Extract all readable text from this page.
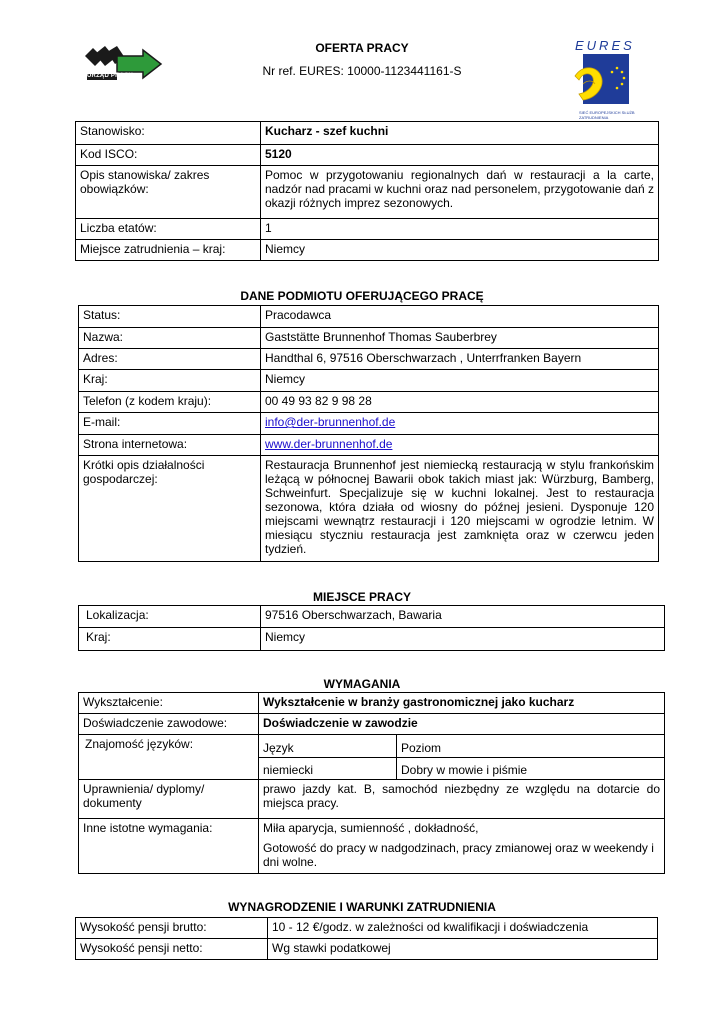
URZĄD PRACY
EURES
SIEĆ EUROPEJSKICH SŁUŻB ZATRUDNIENIA
OFERTA PRACY
Nr ref. EURES: 10000-1123441161-S
Stanowisko:	Kucharz - szef kuchni
Kod ISCO:	5120
Opis stanowiska/ zakres obowiązków:	Pomoc w przygotowaniu regionalnych dań w restauracji a la carte, nadzór nad pracami w kuchni oraz nad personelem, przygotowanie dań z okazji różnych imprez sezonowych.
Liczba etatów:	1
Miejsce zatrudnienia – kraj:	Niemcy
DANE PODMIOTU OFERUJĄCEGO PRACĘ
Status:	Pracodawca
Nazwa:	Gaststätte Brunnenhof Thomas Sauberbrey
Adres:	Handthal 6, 97516 Oberschwarzach , Unterrfranken Bayern
Kraj:	Niemcy
Telefon (z kodem kraju):	00 49 93 82 9 98 28
E-mail:	info@der-brunnenhof.de
Strona internetowa:	www.der-brunnenhof.de
Krótki opis działalności gospodarczej:	Restauracja Brunnenhof jest niemiecką restauracją w stylu frankońskim leżącą w północnej Bawarii obok takich miast jak: Würzburg, Bamberg, Schweinfurt. Specjalizuje się w kuchni lokalnej. Jest to restauracja sezonowa, która działa od wiosny do późnej jesieni. Dysponuje 120 miejscami wewnątrz restauracji i 120 miejscami w ogrodzie letnim. W miesiącu styczniu restauracja jest zamknięta oraz w czerwcu jeden tydzień.
MIEJSCE PRACY
Lokalizacja:	97516 Oberschwarzach, Bawaria
Kraj:	Niemcy
WYMAGANIA
Wykształcenie:	Wykształcenie w branży gastronomicznej jako kucharz	
Doświadczenie zawodowe:	Doświadczenie w zawodzie	
Znajomość języków:	Język	Poziom
	niemiecki	Dobry w mowie i piśmie
Uprawnienia/ dyplomy/ dokumenty	prawo jazdy kat. B, samochód niezbędny ze względu na dotarcie do miejsca pracy.	
Inne istotne wymagania:	Miła aparycja, sumienność , dokładność,
Gotowość do pracy w nadgodzinach, pracy zmianowej oraz w weekendy i dni wolne.	
WYNAGRODZENIE I WARUNKI ZATRUDNIENIA
Wysokość pensji brutto:	10 - 12 €/godz. w zależności od kwalifikacji i doświadczenia
Wysokość pensji netto:	Wg stawki podatkowej
